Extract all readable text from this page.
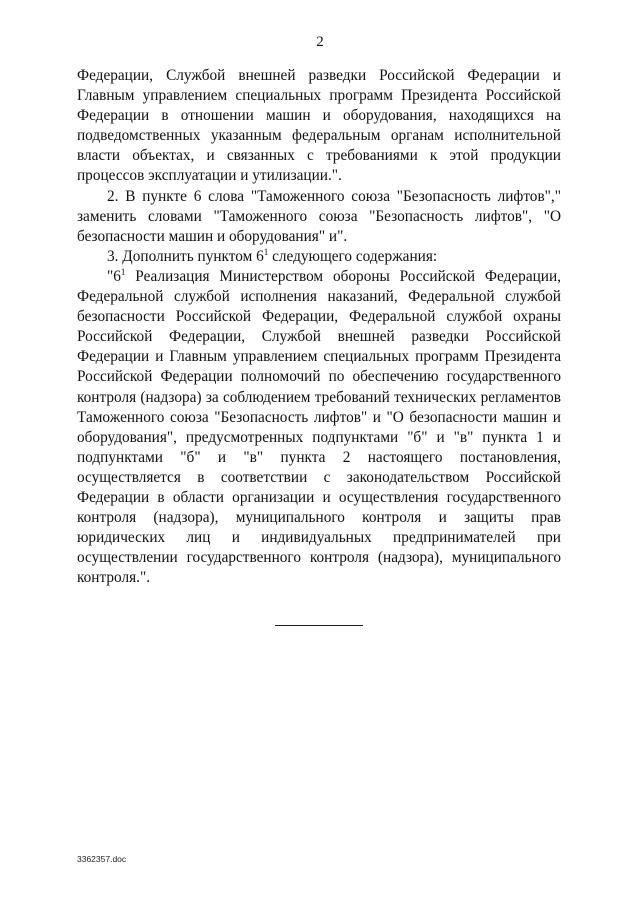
2

Федерации, Службой внешней разведки Российской Федерации и Главным управлением специальных программ Президента Российской Федерации в отношении машин и оборудования, находящихся на подведомственных указанным федеральным органам исполнительной власти объектах, и связанных с требованиями к этой продукции процессов эксплуатации и утилизации.".

2. В пункте 6 слова "Таможенного союза "Безопасность лифтов"," заменить словами "Таможенного союза "Безопасность лифтов", "О безопасности машин и оборудования" и".

3. Дополнить пунктом $6^1$ следующего содержания:

"$6^1$ Реализация Министерством обороны Российской Федерации, Федеральной службой исполнения наказаний, Федеральной службой безопасности Российской Федерации, Федеральной службой охраны Российской Федерации, Службой внешней разведки Российской Федерации и Главным управлением специальных программ Президента Российской Федерации полномочий по обеспечению государственного контроля (надзора) за соблюдением требований технических регламентов Таможенного союза "Безопасность лифтов" и "О безопасности машин и оборудования", предусмотренных подпунктами "б" и "в" пункта 1 и подпунктами "б" и "в" пункта 2 настоящего постановления, осуществляется в соответствии с законодательством Российской Федерации в области организации и осуществления государственного контроля (надзора), муниципального контроля и защиты прав юридических лиц и индивидуальных предпринимателей при осуществлении государственного контроля (надзора), муниципального контроля.".

3362357.doc
